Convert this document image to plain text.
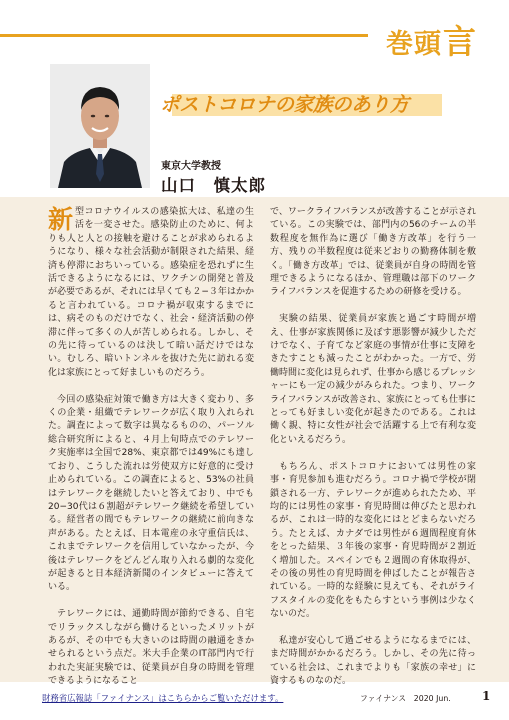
巻頭 言
ポストコロナの家族のあり方
東京大学教授
山口　慎太郎

新型コロナウイルスの感染拡大は、私達の生活を一変させた。感染防止のために、何よりも人と人との接触を避けることが求められるようになり、様々な社会活動が制限された結果、経済も停滞におちいっている。感染症を恐れずに生活できるようになるには、ワクチンの開発と普及が必要であるが、それには早くても２−３年はかかると言われている。コロナ禍が収束するまでには、病そのものだけでなく、社会・経済活動の停滞に伴って多くの人が苦しめられる。しかし、その先に待っているのは決して暗い話だけではない。むしろ、暗いトンネルを抜けた先に訪れる変化は家族にとって好ましいものだろう。

今回の感染症対策で働き方は大きく変わり、多くの企業・組織でテレワークが広く取り入れられた。調査によって数字は異なるものの、パーソル総合研究所によると、４月上旬時点でのテレワーク実施率は全国で28%、東京都では49%にも達しており、こうした流れは労使双方に好意的に受け止められている。この調査によると、53%の社員はテレワークを継続したいと答えており、中でも20−30代は６割超がテレワーク継続を希望している。経営者の間でもテレワークの継続に前向きな声がある。たとえば、日本電産の永守重信氏は、これまでテレワークを信用していなかったが、今後はテレワークをどんどん取り入れる劇的な変化が起きると日本経済新聞のインタビューに答えている。

テレワークには、通勤時間が節約できる、自宅でリラックスしながら働けるといったメリットがあるが、その中でも大きいのは時間の融通をきかせられるという点だ。米大手企業のIT部門内で行われた実証実験では、従業員が自身の時間を管理できるようになること

で、ワークライフバランスが改善することが示されている。この実験では、部門内の56のチームの半数程度を無作為に選び「働き方改革」を行う一方、残りの半数程度は従来どおりの勤務体制を敷く。「働き方改革」では、従業員が自身の時間を管理できるようになるほか、管理職は部下のワークライフバランスを促進するための研修を受ける。

実験の結果、従業員が家族と過ごす時間が増え、仕事が家族関係に及ぼす悪影響が減少しただけでなく、子育てなど家庭の事情が仕事に支障をきたすことも減ったことがわかった。一方で、労働時間に変化は見られず、仕事から感じるプレッシャーにも一定の減少がみられた。つまり、ワークライフバランスが改善され、家族にとっても仕事にとっても好ましい変化が起きたのである。これは働く親、特に女性が社会で活躍する上で有利な変化といえるだろう。

もちろん、ポストコロナにおいては男性の家事・育児参加も進むだろう。コロナ禍で学校が閉鎖される一方、テレワークが進められたため、平均的には男性の家事・育児時間は伸びたと思われるが、これは一時的な変化にはとどまらないだろう。たとえば、カナダでは男性が６週間程度育休をとった結果、３年後の家事・育児時間が２割近く増加した。スペインでも２週間の育休取得が、その後の男性の育児時間を伸ばしたことが報告されている。一時的な経験に見えても、それがライフスタイルの変化をもたらすという事例は少なくないのだ。

私達が安心して過ごせるようになるまでには、まだ時間がかかるだろう。しかし、その先に待っている社会は、これまでよりも「家族の幸せ」に資するものなのだ。

財務省広報誌「ファイナンス」はこちらからご覧いただけます。	ファイナンス　2020 Jun.	1
